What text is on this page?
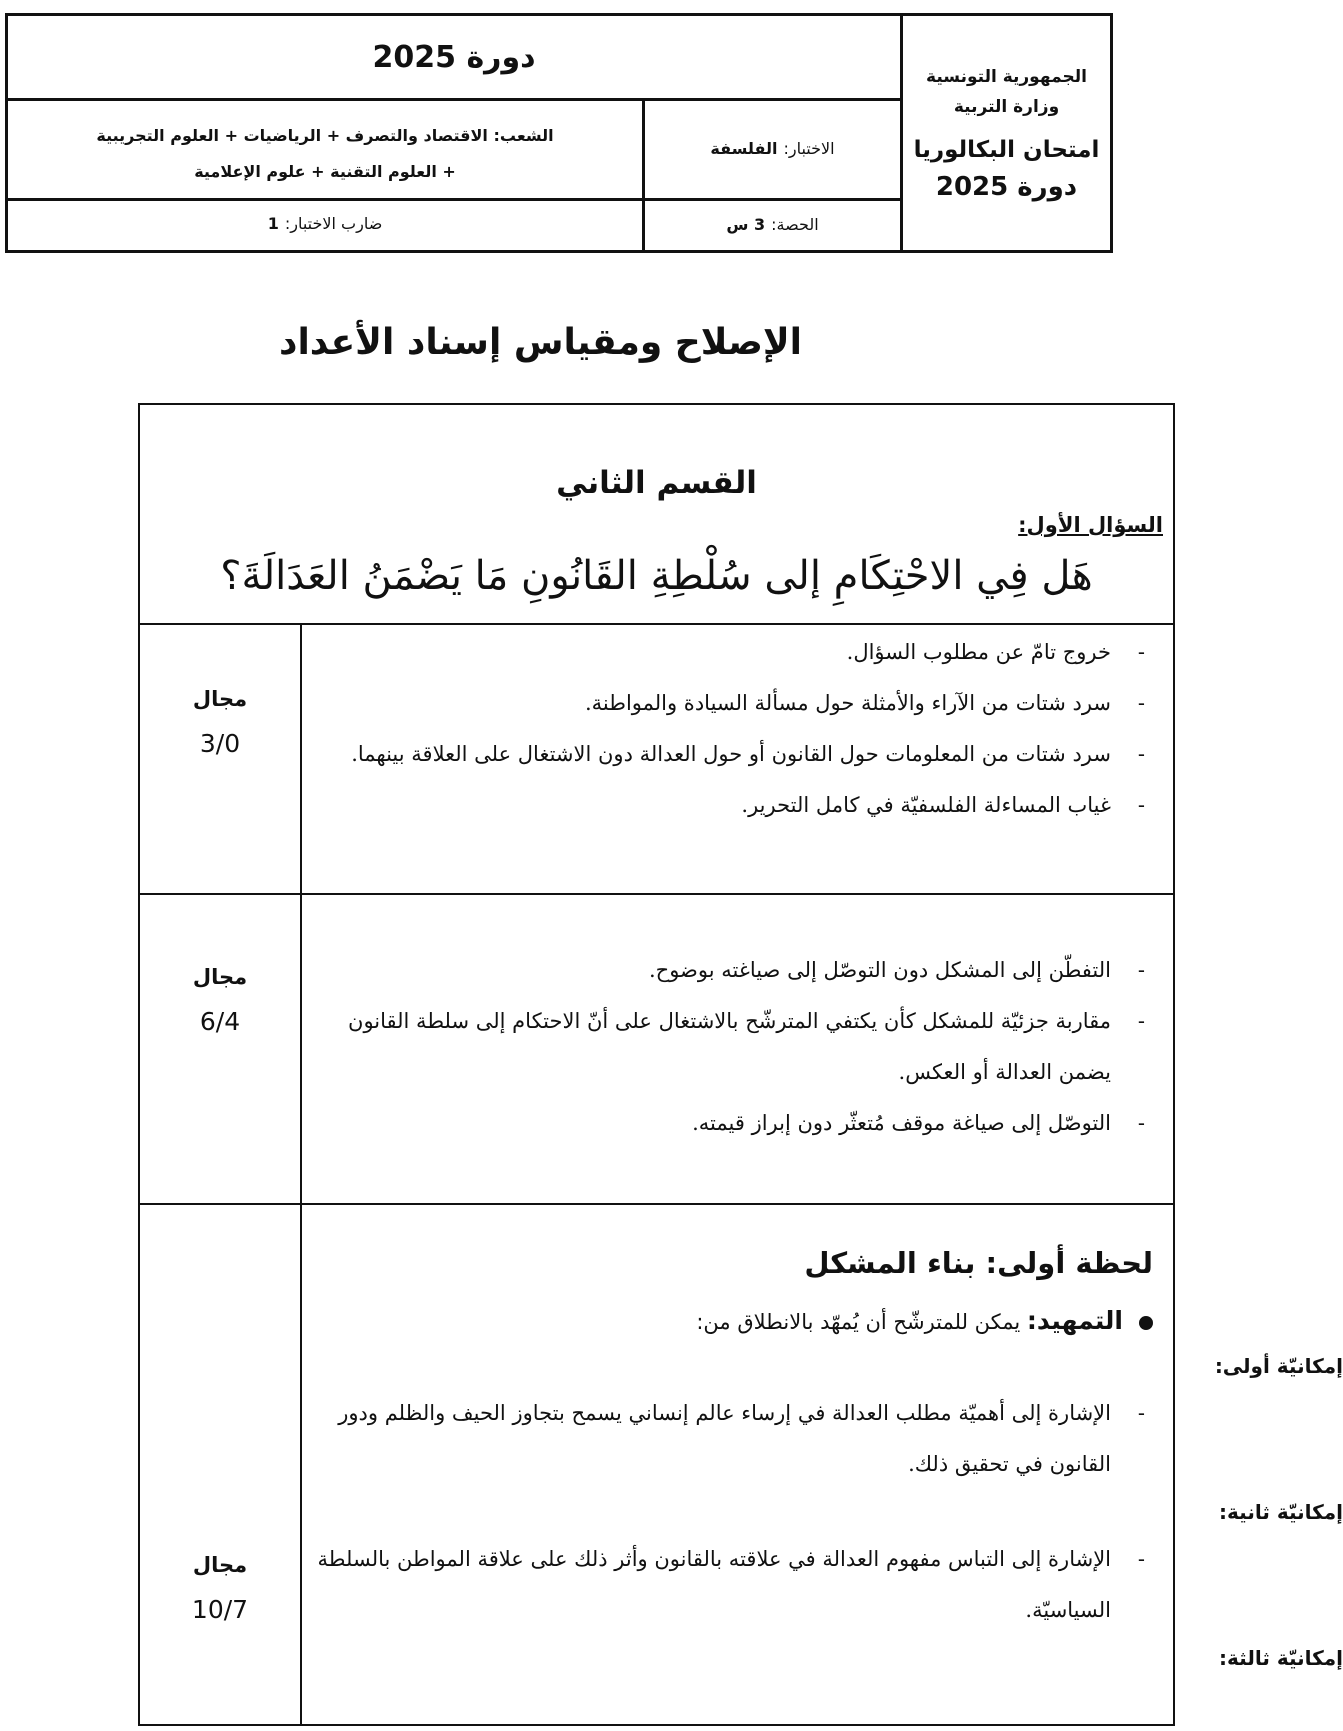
دورة 2025
الشعب: الاقتصاد والتصرف + الرياضيات + العلوم التجريبية
+ العلوم التقنية + علوم الإعلامية
الاختبار:
الفلسفة
ضارب الاختبار:
1	الحصة:
3 س
الجمهورية التونسية
وزارة التربية
امتحان البكالوريا
دورة 2025
الإصلاح ومقياس إسناد الأعداد
القسم الثاني
السؤال الأول:
هَل فِي الاحْتِكَامِ إلى سُلْطِةِ القَانُونِ مَا يَضْمَنُ العَدَالَةَ؟
مجال
3/0
- خروج تامّ عن مطلوب السؤال.
- سرد شتات من الآراء والأمثلة حول مسألة السيادة والمواطنة.
- سرد شتات من المعلومات حول القانون أو حول العدالة دون الاشتغال على العلاقة بينهما.
- غياب المساءلة الفلسفيّة في كامل التحرير.
مجال
6/4
- التفطّن إلى المشكل دون التوصّل إلى صياغته بوضوح.
- مقاربة جزئيّة للمشكل كأن يكتفي المترشّح بالاشتغال على أنّ الاحتكام إلى سلطة القانون يضمن العدالة أو العكس.
- التوصّل إلى صياغة موقف مُتعثّر دون إبراز قيمته.
مجال
10/7
لحظة أولى: بناء المشكل
التمهيد: يمكن للمترشّح أن يُمهّد بالانطلاق من:
إمكانيّة أولى:
- الإشارة إلى أهميّة مطلب العدالة في إرساء عالم إنساني يسمح بتجاوز الحيف والظلم ودور القانون في تحقيق ذلك.
إمكانيّة ثانية:
- الإشارة إلى التباس مفهوم العدالة في علاقته بالقانون وأثر ذلك على علاقة المواطن بالسلطة السياسيّة.
إمكانيّة ثالثة:
